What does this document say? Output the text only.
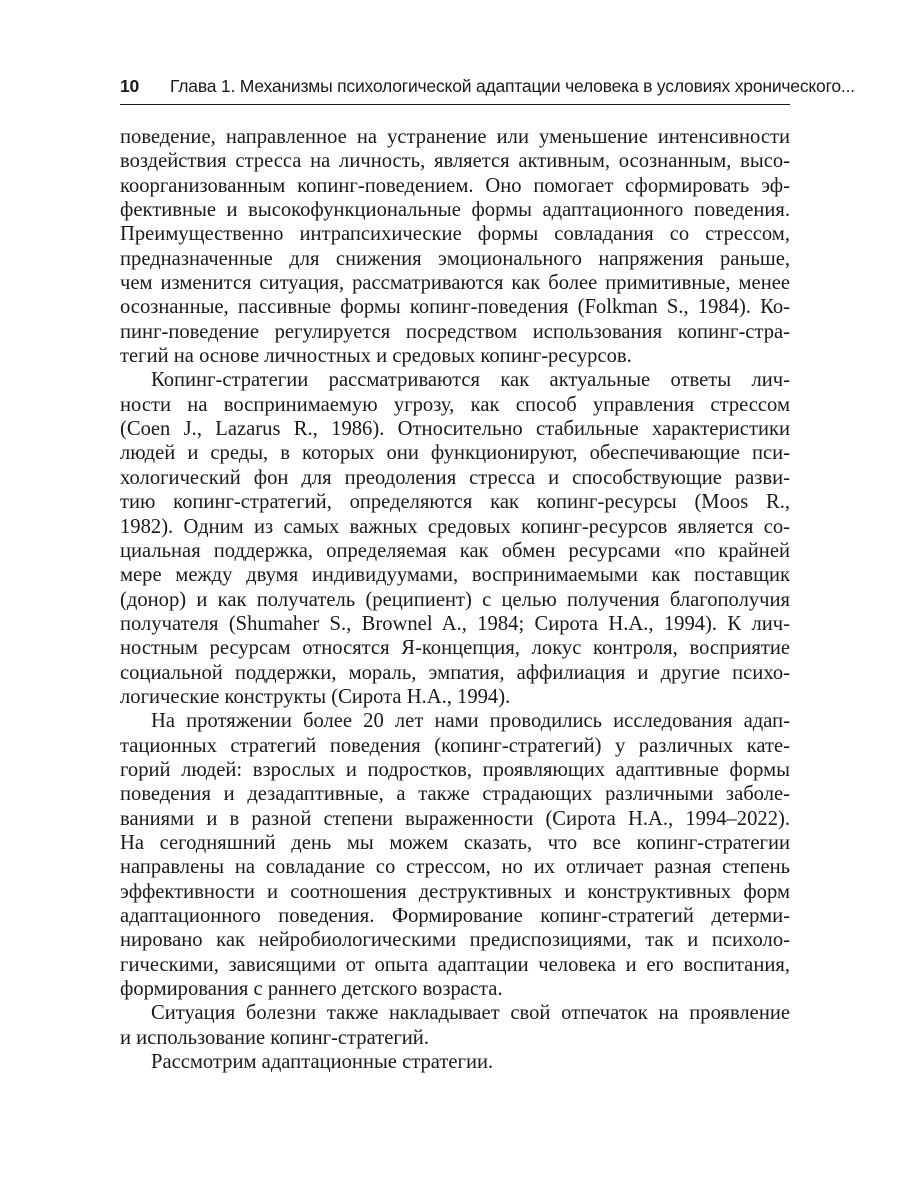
10	Глава 1. Механизмы психологической адаптации человека в условиях хронического...
поведение, направленное на устранение или уменьшение интенсивности
воздействия стресса на личность, является активным, осознанным, высо-
коорганизованным копинг-поведением. Оно помогает сформировать эф-
фективные и высокофункциональные формы адаптационного поведения.
Преимущественно интрапсихические формы совладания со стрессом,
предназначенные для снижения эмоционального напряжения раньше,
чем изменится ситуация, рассматриваются как более примитивные, менее
осознанные, пассивные формы копинг-поведения (Folkman S., 1984). Ко-
пинг-поведение регулируется посредством использования копинг-стра-
тегий на основе личностных и средовых копинг-ресурсов.
Копинг-стратегии рассматриваются как актуальные ответы лич-
ности на воспринимаемую угрозу, как способ управления стрессом
(Coen J., Lazarus R., 1986). Относительно стабильные характеристики
людей и среды, в которых они функционируют, обеспечивающие пси-
хологический фон для преодоления стресса и способствующие разви-
тию копинг-стратегий, определяются как копинг-ресурсы (Moos R.,
1982). Одним из самых важных средовых копинг-ресурсов является со-
циальная поддержка, определяемая как обмен ресурсами «по крайней
мере между двумя индивидуумами, воспринимаемыми как поставщик
(донор) и как получатель (реципиент) с целью получения благополучия
получателя (Shumaher S., Brownel A., 1984; Сирота Н.А., 1994). К лич-
ностным ресурсам относятся Я-концепция, локус контроля, восприятие
социальной поддержки, мораль, эмпатия, аффилиация и другие психо-
логические конструкты (Сирота Н.А., 1994).
На протяжении более 20 лет нами проводились исследования адап-
тационных стратегий поведения (копинг-стратегий) у различных кате-
горий людей: взрослых и подростков, проявляющих адаптивные формы
поведения и дезадаптивные, а также страдающих различными заболе-
ваниями и в разной степени выраженности (Сирота Н.А., 1994–2022).
На сегодняшний день мы можем сказать, что все копинг-стратегии
направлены на совладание со стрессом, но их отличает разная степень
эффективности и соотношения деструктивных и конструктивных форм
адаптационного поведения. Формирование копинг-стратегий детерми-
нировано как нейробиологическими предиспозициями, так и психоло-
гическими, зависящими от опыта адаптации человека и его воспитания,
формирования с раннего детского возраста.
Ситуация болезни также накладывает свой отпечаток на проявление
и использование копинг-стратегий.
Рассмотрим адаптационные стратегии.
